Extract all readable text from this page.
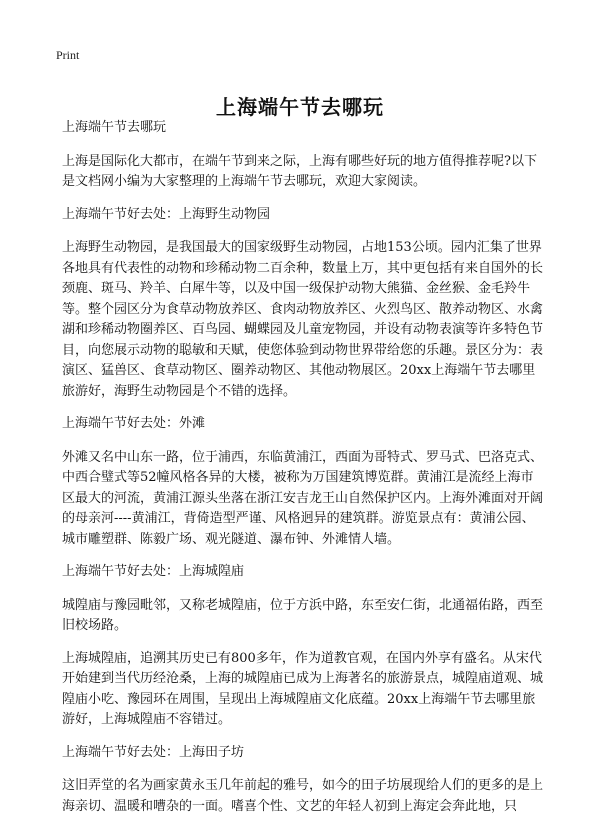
Print
上海端午节去哪玩

上海端午节去哪玩

上海是国际化大都市，在端午节到来之际，上海有哪些好玩的地方值得推荐呢?以下是文档网小编为大家整理的上海端午节去哪玩，欢迎大家阅读。

上海端午节好去处：上海野生动物园

上海野生动物园，是我国最大的国家级野生动物园，占地153公顷。园内汇集了世界各地具有代表性的动物和珍稀动物二百余种，数量上万，其中更包括有来自国外的长颈鹿、斑马、羚羊、白犀牛等，以及中国一级保护动物大熊猫、金丝猴、金毛羚牛等。整个园区分为食草动物放养区、食肉动物放养区、火烈鸟区、散养动物区、水禽湖和珍稀动物圈养区、百鸟园、蝴蝶园及儿童宠物园，并设有动物表演等许多特色节目，向您展示动物的聪敏和天赋，使您体验到动物世界带给您的乐趣。景区分为：表演区、猛兽区、食草动物区、圈养动物区、其他动物展区。20xx上海端午节去哪里旅游好，海野生动物园是个不错的选择。

上海端午节好去处：外滩

外滩又名中山东一路，位于浦西，东临黄浦江，西面为哥特式、罗马式、巴洛克式、中西合璧式等52幢风格各异的大楼，被称为万国建筑博览群。黄浦江是流经上海市区最大的河流，黄浦江源头坐落在浙江安吉龙王山自然保护区内。上海外滩面对开阔的母亲河----黄浦江，背倚造型严谨、风格迥异的建筑群。游览景点有：黄浦公园、城市雕塑群、陈毅广场、观光隧道、瀑布钟、外滩情人墙。

上海端午节好去处：上海城隍庙

城隍庙与豫园毗邻，又称老城隍庙，位于方浜中路，东至安仁街，北通福佑路，西至旧校场路。

上海城隍庙，追溯其历史已有800多年，作为道教官观，在国内外享有盛名。从宋代开始建到当代历经沧桑，上海的城隍庙已成为上海著名的旅游景点，城隍庙道观、城隍庙小吃、豫园环在周围，呈现出上海城隍庙文化底蕴。20xx上海端午节去哪里旅游好，上海城隍庙不容错过。

上海端午节好去处：上海田子坊

这旧弄堂的名为画家黄永玉几年前起的雅号，如今的田子坊展现给人们的更多的是上海亲切、温暖和嘈杂的一面。嗜喜个性、文艺的年轻人初到上海定会奔此地，只
